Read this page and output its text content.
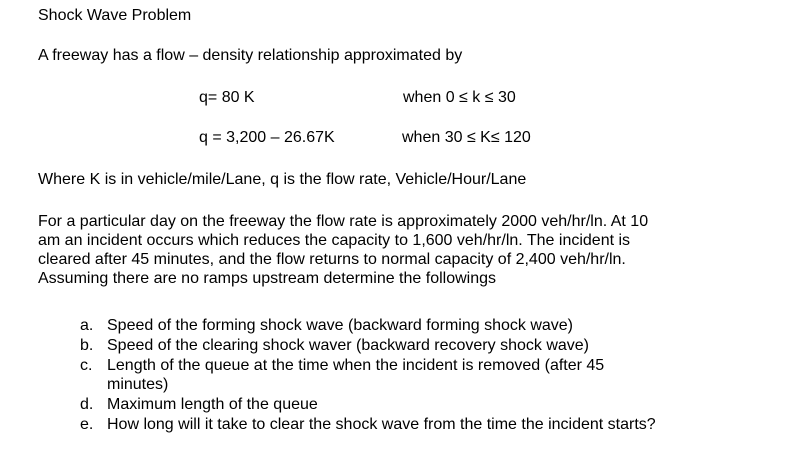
Shock Wave Problem
A freeway has a flow – density relationship approximated by
q= 80 K	when 0 ≤ k ≤ 30
q = 3,200 – 26.67K	when 30 ≤ K≤ 120
Where K is in vehicle/mile/Lane, q is the flow rate, Vehicle/Hour/Lane
For a particular day on the freeway the flow rate is approximately 2000 veh/hr/ln. At 10
am an incident occurs which reduces the capacity to 1,600 veh/hr/ln. The incident is
cleared after 45 minutes, and the flow returns to normal capacity of 2,400 veh/hr/ln.
Assuming there are no ramps upstream determine the followings
a. Speed of the forming shock wave (backward forming shock wave)
b. Speed of the clearing shock waver (backward recovery shock wave)
c. Length of the queue at the time when the incident is removed (after 45
minutes)
d. Maximum length of the queue
e. How long will it take to clear the shock wave from the time the incident starts?
